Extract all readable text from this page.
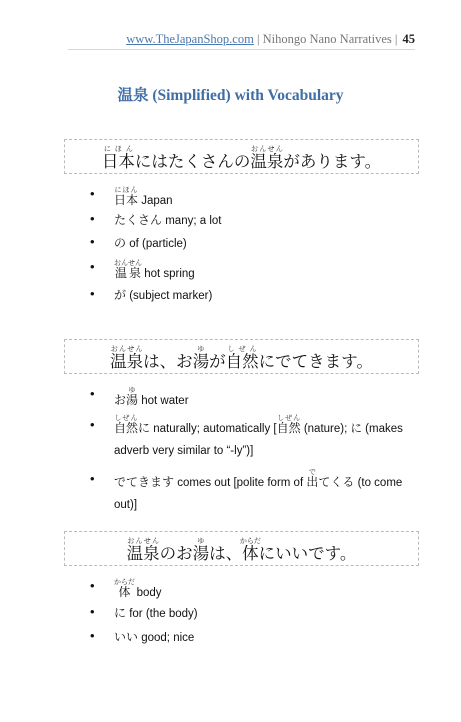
www.TheJapanShop.com | Nihongo Nano Narratives | 45
温泉 (Simplified) with Vocabulary
日本にほんにはたくさんの温泉おんせんがあります。
• 日本にほん Japan
• たくさん many; a lot
• の of (particle)
• 温泉おんせん hot spring
• が (subject marker)
温泉おんせんは、お湯ゆが自然しぜんにでてきます。
• お湯ゆ hot water
• 自然しぜんに naturally; automatically [自然しぜん (nature); に (makes adverb very similar to “-ly”)]
• でてきます comes out [polite form of 出でてくる (to come out)]
温泉おんせんのお湯ゆは、体からだにいいです。
• 体からだ body
• に for (the body)
• いい good; nice
